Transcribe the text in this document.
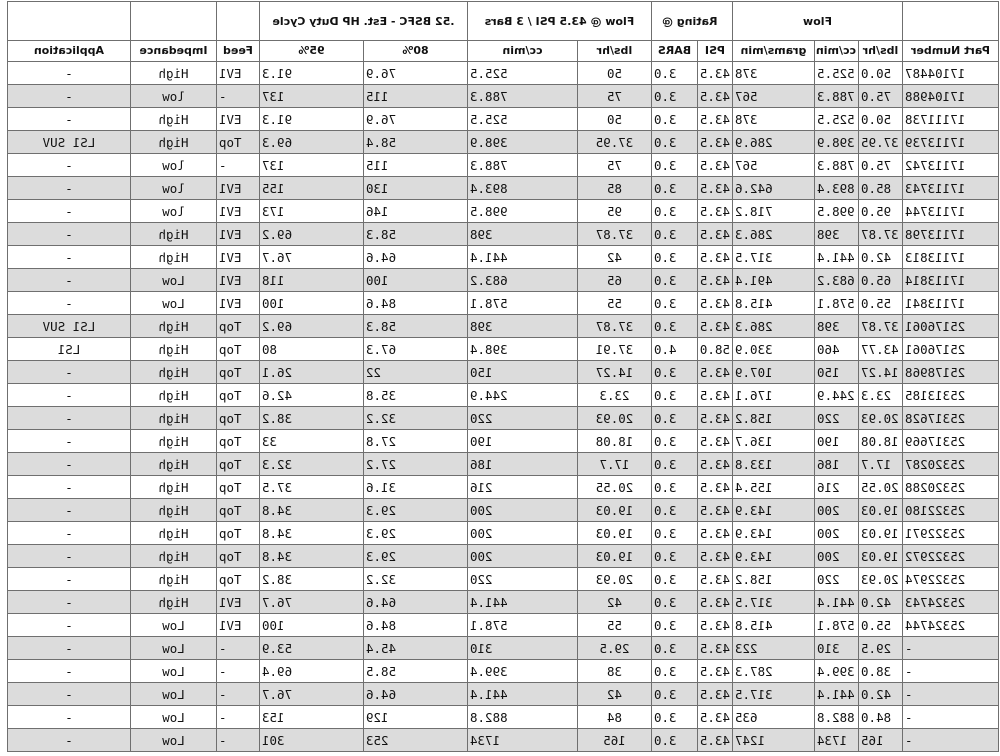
	Flow			Rating @		Flow @ 43.5 PSI / 3 Bars		.52 BSFC - Est. HP Duty Cycle				
Part Number	lbs/hr	cc/min	grams/min	PSI	BARS	lbs/hr	cc/min	80%	95%	Feed	Impedance	Application
17104487	50.0	525.5	378	43.5	3.0	50	525.5	76.9	91.3	EV1	High	-
17104988	75.0	788.3	567	43.5	3.0	75	788.3	115	137	-	low	-
17111738	50.0	525.5	378	43.5	3.0	50	525.5	76.9	91.3	EV1	High	-
17113739	37.95	398.9	286.9	43.5	3.0	37.95	398.9	58.4	69.3	Top	High	LS1 SUV
17113742	75.0	788.3	567	43.5	3.0	75	788.3	115	137	-	low	-
17113743	85.0	893.4	642.6	43.5	3.0	85	893.4	130	155	EV1	low	-
17113744	95.0	998.5	718.2	43.5	3.0	95	998.5	146	173	EV1	low	-
17113798	37.87	398	286.3	43.5	3.0	37.87	398	58.3	69.2	EV1	High	-
17113813	42.0	441.4	317.5	43.5	3.0	42	441.4	64.6	76.7	EV1	High	-
17113814	65.0	683.2	491.4	43.5	3.0	65	683.2	100	118	EV1	Low	-
17113841	55.0	578.1	415.8	43.5	3.0	55	578.1	84.6	100	EV1	Low	-
25176061	37.87	398	286.3	43.5	3.0	37.87	398	58.3	69.2	Top	High	LS1 SUV
25176061	43.77	460	330.9	58.0	4.0	37.91	398.4	67.3	80	Top	High	LS1
25178968	14.27	150	107.9	43.5	3.0	14.27	150	22	26.1	Top	High	-
25313185	23.3	244.9	176.1	43.5	3.0	23.3	244.9	35.8	42.6	Top	High	-
25317628	20.93	220	158.2	43.5	3.0	20.93	220	32.2	38.2	Top	High	-
25317669	18.08	190	136.7	43.5	3.0	18.08	190	27.8	33	Top	High	-
25320287	17.7	186	133.8	43.5	3.0	17.7	186	27.2	32.3	Top	High	-
25320288	20.55	216	155.4	43.5	3.0	20.55	216	31.6	37.5	Top	High	-
25322180	19.03	200	143.9	43.5	3.0	19.03	200	29.3	34.8	Top	High	-
25322971	19.03	200	143.9	43.5	3.0	19.03	200	29.3	34.8	Top	High	-
25322972	19.03	200	143.9	43.5	3.0	19.03	200	29.3	34.8	Top	High	-
25322974	20.93	220	158.2	43.5	3.0	20.93	220	32.2	38.2	Top	High	-
25324743	42.0	441.4	317.5	43.5	3.0	42	441.4	64.6	76.7	EV1	High	-
25324744	55.0	578.1	415.8	43.5	3.0	55	578.1	84.6	100	EV1	Low	-
-	29.5	310	223	43.5	3.0	29.5	310	45.4	53.9	-	Low	-
-	38.0	399.4	287.3	43.5	3.0	38	399.4	58.5	69.4	-	Low	-
-	42.0	441.4	317.5	43.5	3.0	42	441.4	64.6	76.7	-	Low	-
-	84.0	882.8	635	43.5	3.0	84	882.8	129	153	-	Low	-
-	165	1734	1247	43.5	3.0	165	1734	253	301	-	Low	-
